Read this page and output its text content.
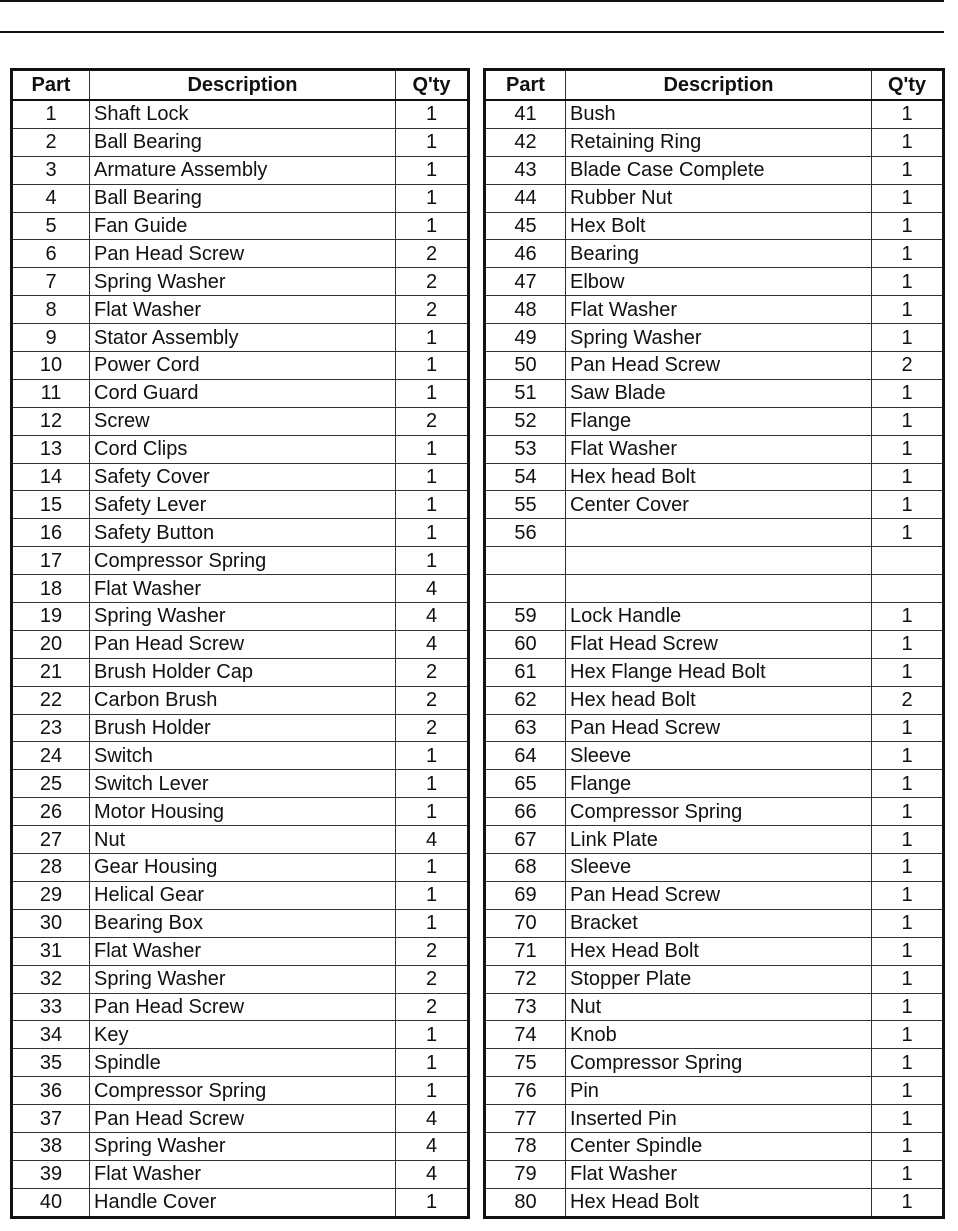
Part	Description	Q'ty
1	Shaft Lock	1
2	Ball Bearing	1
3	Armature Assembly	1
4	Ball Bearing	1
5	Fan Guide	1
6	Pan Head Screw	2
7	Spring Washer	2
8	Flat Washer	2
9	Stator Assembly	1
10	Power Cord	1
11	Cord Guard	1
12	Screw	2
13	Cord Clips	1
14	Safety Cover	1
15	Safety Lever	1
16	Safety Button	1
17	Compressor Spring	1
18	Flat Washer	4
19	Spring Washer	4
20	Pan Head Screw	4
21	Brush Holder Cap	2
22	Carbon Brush	2
23	Brush Holder	2
24	Switch	1
25	Switch Lever	1
26	Motor Housing	1
27	Nut	4
28	Gear Housing	1
29	Helical Gear	1
30	Bearing Box	1
31	Flat Washer	2
32	Spring Washer	2
33	Pan Head Screw	2
34	Key	1
35	Spindle	1
36	Compressor Spring	1
37	Pan Head Screw	4
38	Spring Washer	4
39	Flat Washer	4
40	Handle Cover	1
Part	Description	Q'ty
41	Bush	1
42	Retaining Ring	1
43	Blade Case Complete	1
44	Rubber Nut	1
45	Hex Bolt	1
46	Bearing	1
47	Elbow	1
48	Flat Washer	1
49	Spring Washer	1
50	Pan Head Screw	2
51	Saw Blade	1
52	Flange	1
53	Flat Washer	1
54	Hex head Bolt	1
55	Center Cover	1
56		1

59	Lock Handle	1
60	Flat Head Screw	1
61	Hex Flange Head Bolt	1
62	Hex head Bolt	2
63	Pan Head Screw	1
64	Sleeve	1
65	Flange	1
66	Compressor Spring	1
67	Link Plate	1
68	Sleeve	1
69	Pan Head Screw	1
70	Bracket	1
71	Hex Head Bolt	1
72	Stopper Plate	1
73	Nut	1
74	Knob	1
75	Compressor Spring	1
76	Pin	1
77	Inserted Pin	1
78	Center Spindle	1
79	Flat Washer	1
80	Hex Head Bolt	1
